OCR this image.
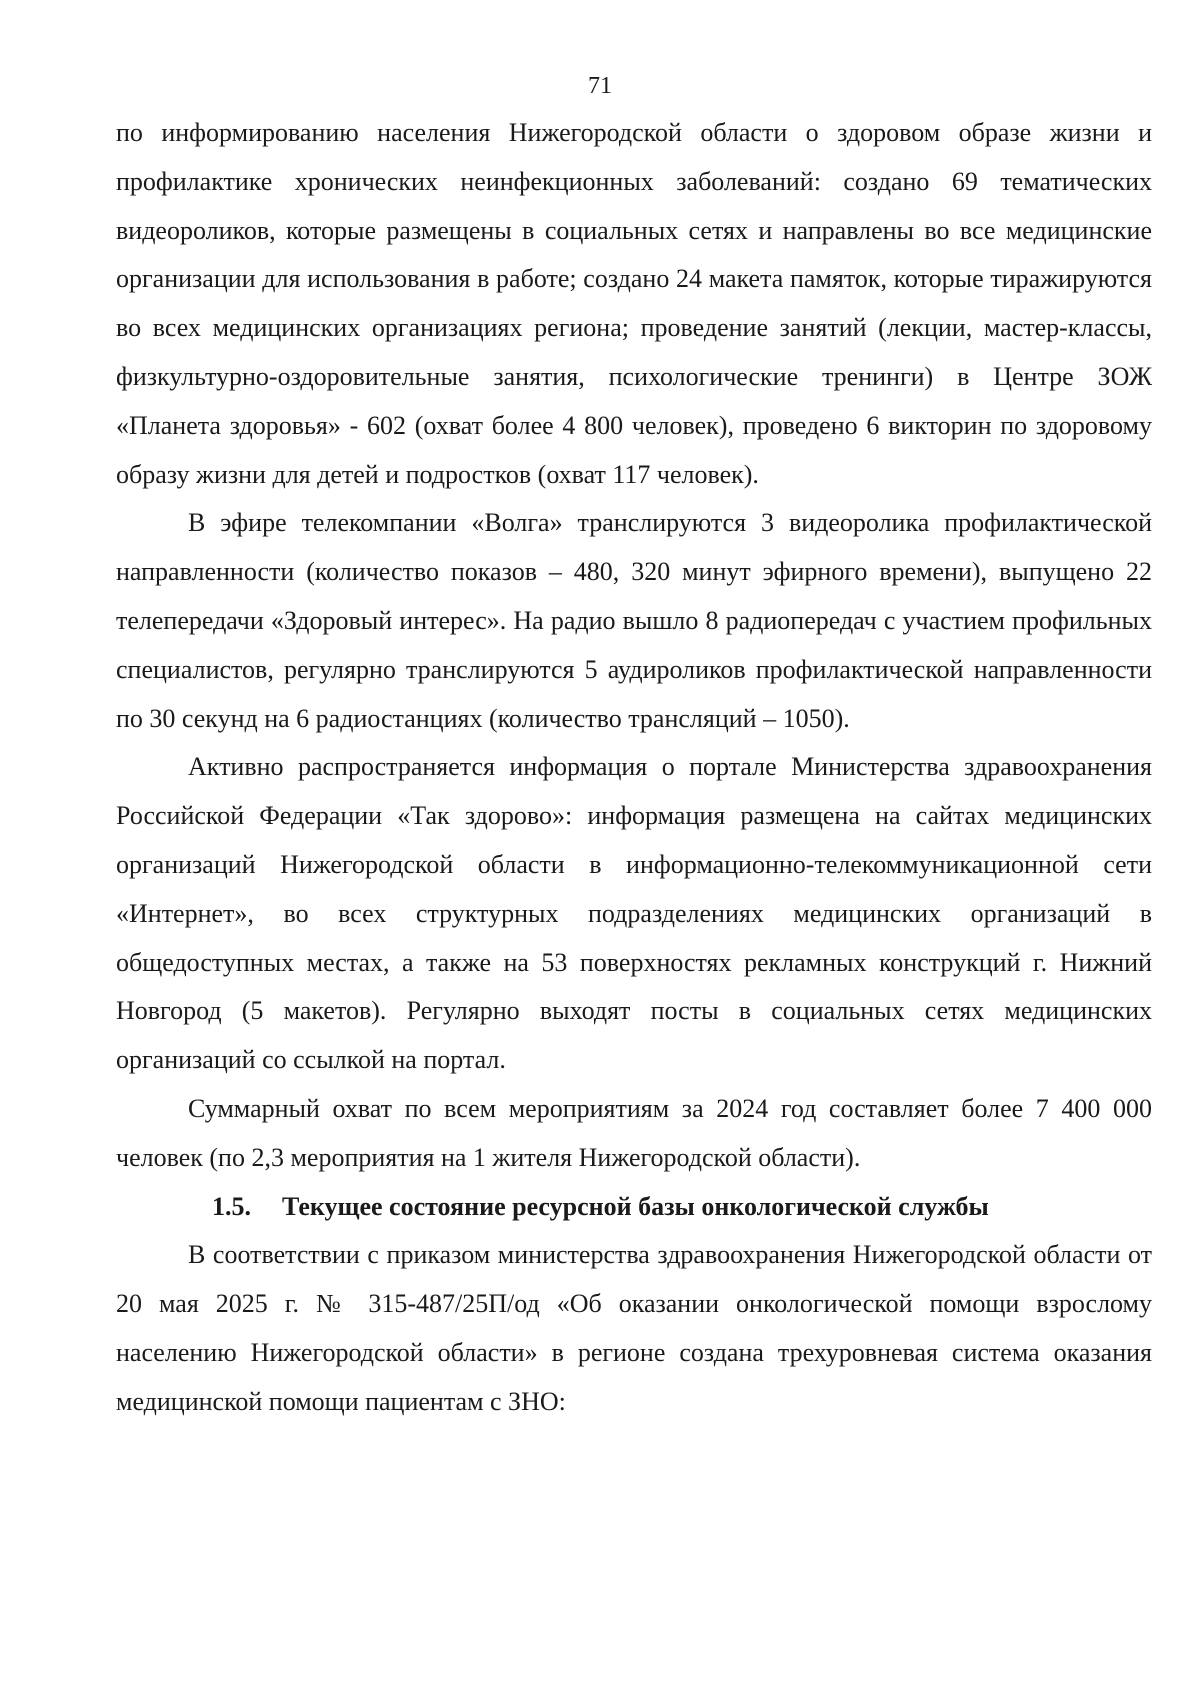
71

по информированию населения Нижегородской области о здоровом образе жизни и профилактике хронических неинфекционных заболеваний: создано 69 тематических видеороликов, которые размещены в социальных сетях и направлены во все медицинские организации для использования в работе; создано 24 макета памяток, которые тиражируются во всех медицинских организациях региона; проведение занятий (лекции, мастер-классы, физкультурно-оздоровительные занятия, психологические тренинги) в Центре ЗОЖ «Планета здоровья» - 602 (охват более 4 800 человек), проведено 6 викторин по здоровому образу жизни для детей и подростков (охват 117 человек).

В эфире телекомпании «Волга» транслируются 3 видеоролика профилактической направленности (количество показов – 480, 320 минут эфирного времени), выпущено 22 телепередачи «Здоровый интерес». На радио вышло 8 радиопередач с участием профильных специалистов, регулярно транслируются 5 аудироликов профилактической направленности по 30 секунд на 6 радиостанциях (количество трансляций – 1050).

Активно распространяется информация о портале Министерства здравоохранения Российской Федерации «Так здорово»: информация размещена на сайтах медицинских организаций Нижегородской области в информационно-телекоммуникационной сети «Интернет», во всех структурных подразделениях медицинских организаций в общедоступных местах, а также на 53 поверхностях рекламных конструкций г. Нижний Новгород (5 макетов). Регулярно выходят посты в социальных сетях медицинских организаций со ссылкой на портал.

Суммарный охват по всем мероприятиям за 2024 год составляет более 7 400 000 человек (по 2,3 мероприятия на 1 жителя Нижегородской области).

1.5. Текущее состояние ресурсной базы онкологической службы

В соответствии с приказом министерства здравоохранения Нижегородской области от 20 мая 2025 г. № 315-487/25П/од «Об оказании онкологической помощи взрослому населению Нижегородской области» в регионе создана трехуровневая система оказания медицинской помощи пациентам с ЗНО:
